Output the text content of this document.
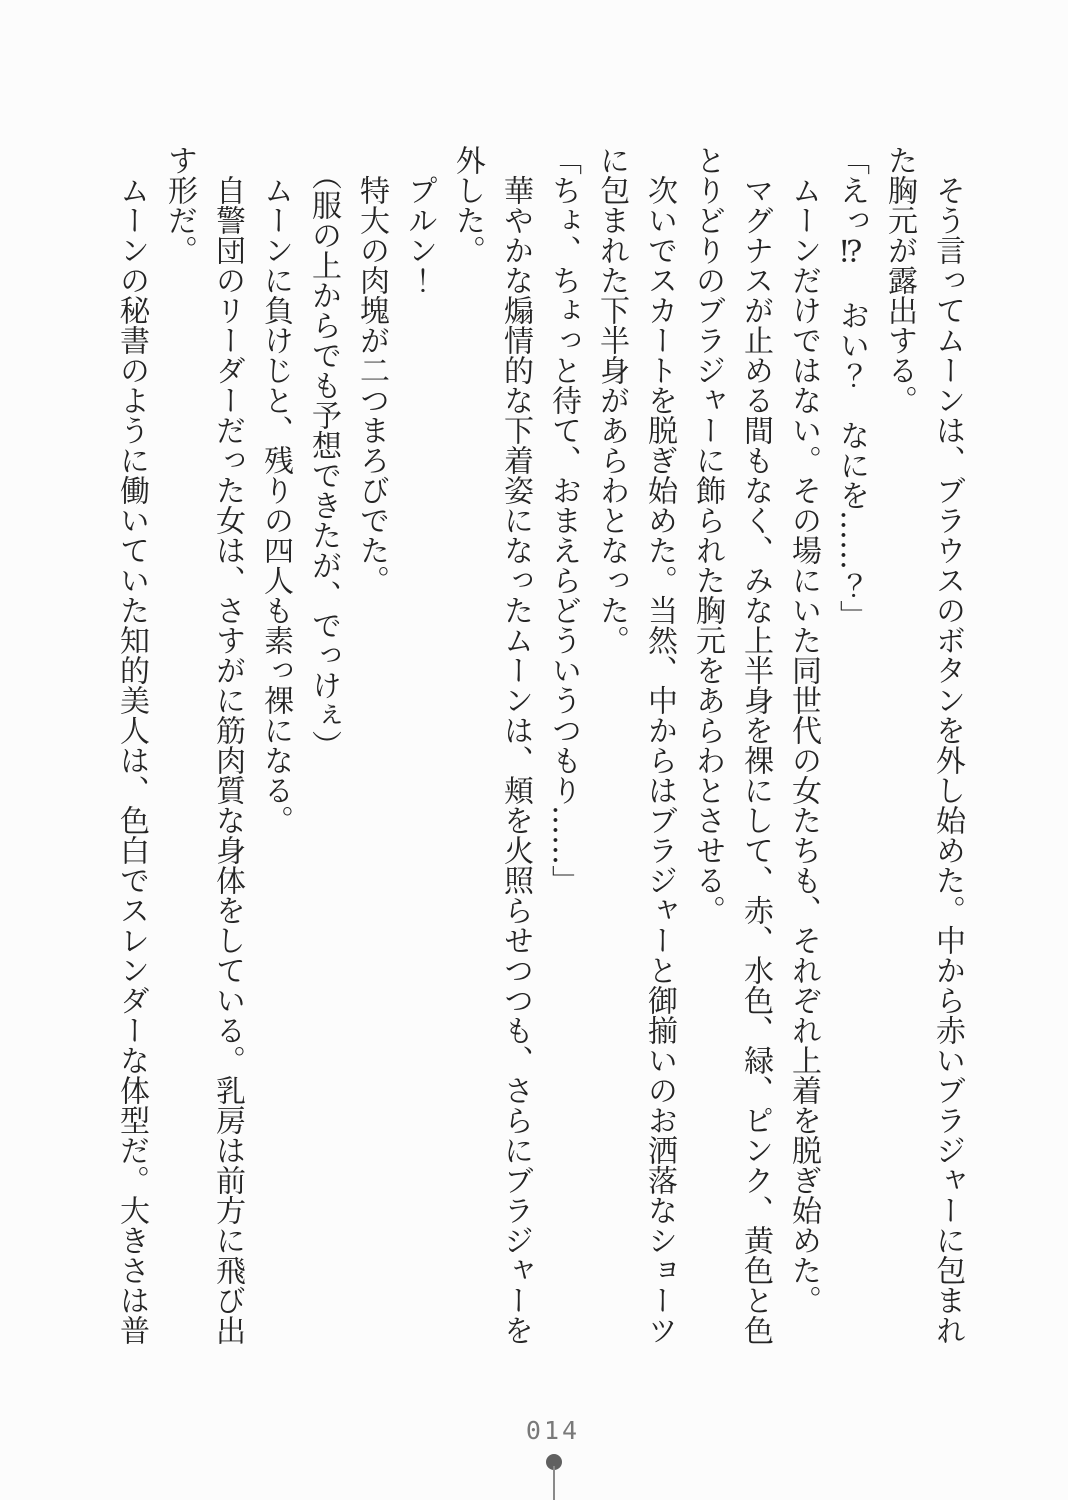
　そう言ってムーンは、ブラウスのボタンを外し始めた。中から赤いブラジャーに包まれ

た胸元が露出する。

「えっ⁉　おい？　なにを……？」

　ムーンだけではない。その場にいた同世代の女たちも、それぞれ上着を脱ぎ始めた。

　マグナスが止める間もなく、みな上半身を裸にして、赤、水色、緑、ピンク、黄色と色

とりどりのブラジャーに飾られた胸元をあらわとさせる。

　次いでスカートを脱ぎ始めた。当然、中からはブラジャーと御揃いのお洒落なショーツ

に包まれた下半身があらわとなった。

「ちょ、ちょっと待て、おまえらどういうつもり……」

　華やかな煽情的な下着姿になったムーンは、頬を火照らせつつも、さらにブラジャーを

外した。

　プルン！

　特大の肉塊が二つまろびでた。

　（服の上からでも予想できたが、でっけぇ）

　ムーンに負けじと、残りの四人も素っ裸になる。

　自警団のリーダーだった女は、さすがに筋肉質な身体をしている。乳房は前方に飛び出

す形だ。

　ムーンの秘書のように働いていた知的美人は、色白でスレンダーな体型だ。大きさは普

014
